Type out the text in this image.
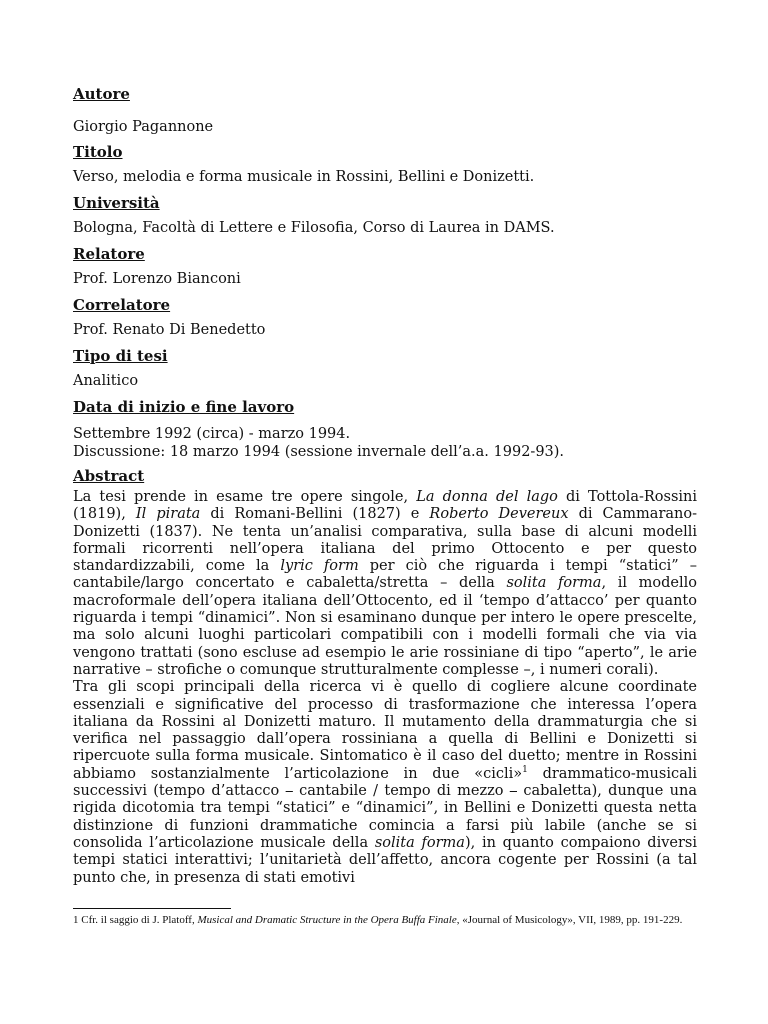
Autore

Giorgio Pagannone

Titolo

Verso, melodia e forma musicale in Rossini, Bellini e Donizetti.

Università

Bologna, Facoltà di Lettere e Filosofia, Corso di Laurea in DAMS.

Relatore

Prof. Lorenzo Bianconi

Correlatore

Prof. Renato Di Benedetto

Tipo di tesi

Analitico

Data di inizio e fine lavoro

Settembre 1992 (circa) - marzo 1994.

Discussione: 18 marzo 1994 (sessione invernale dell’a.a. 1992-93).

Abstract

La tesi prende in esame tre opere singole, La donna del lago di Tottola-Rossini (1819), Il pirata di Romani-Bellini (1827) e Roberto Devereux di Cammarano-Donizetti (1837). Ne tenta un’analisi comparativa, sulla base di alcuni modelli formali ricorrenti nell’opera italiana del primo Ottocento e per questo standardizzabili, come la lyric form per ciò che riguarda i tempi “statici” – cantabile/largo concertato e cabaletta/stretta – della solita forma, il modello macroformale dell’opera italiana dell’Ottocento, ed il ‘tempo d’attacco’ per quanto riguarda i tempi “dinamici”. Non si esaminano dunque per intero le opere prescelte, ma solo alcuni luoghi particolari compatibili con i modelli formali che via via vengono trattati (sono escluse ad esempio le arie rossiniane di tipo “aperto”, le arie narrative – strofiche o comunque strutturalmente complesse –, i numeri corali).

Tra gli scopi principali della ricerca vi è quello di cogliere alcune coordinate essenziali e significative del processo di trasformazione che interessa l’opera italiana da Rossini al Donizetti maturo. Il mutamento della drammaturgia che si verifica nel passaggio dall’opera rossiniana a quella di Bellini e Donizetti si ripercuote sulla forma musicale. Sintomatico è il caso del duetto; mentre in Rossini abbiamo sostanzialmente l’articolazione in due «cicli»$^1$ drammatico-musicali successivi (tempo d’attacco ⎯ cantabile / tempo di mezzo ⎯ cabaletta), dunque una rigida dicotomia tra tempi “statici” e “dinamici”, in Bellini e Donizetti questa netta distinzione di funzioni drammatiche comincia a farsi più labile (anche se si consolida l’articolazione musicale della solita forma), in quanto compaiono diversi tempi statici interattivi; l’unitarietà dell’affetto, ancora cogente per Rossini (a tal punto che, in presenza di stati emotivi

1 Cfr. il saggio di J. Platoff, Musical and Dramatic Structure in the Opera Buffa Finale, «Journal of Musicology», VII, 1989, pp. 191-229.
